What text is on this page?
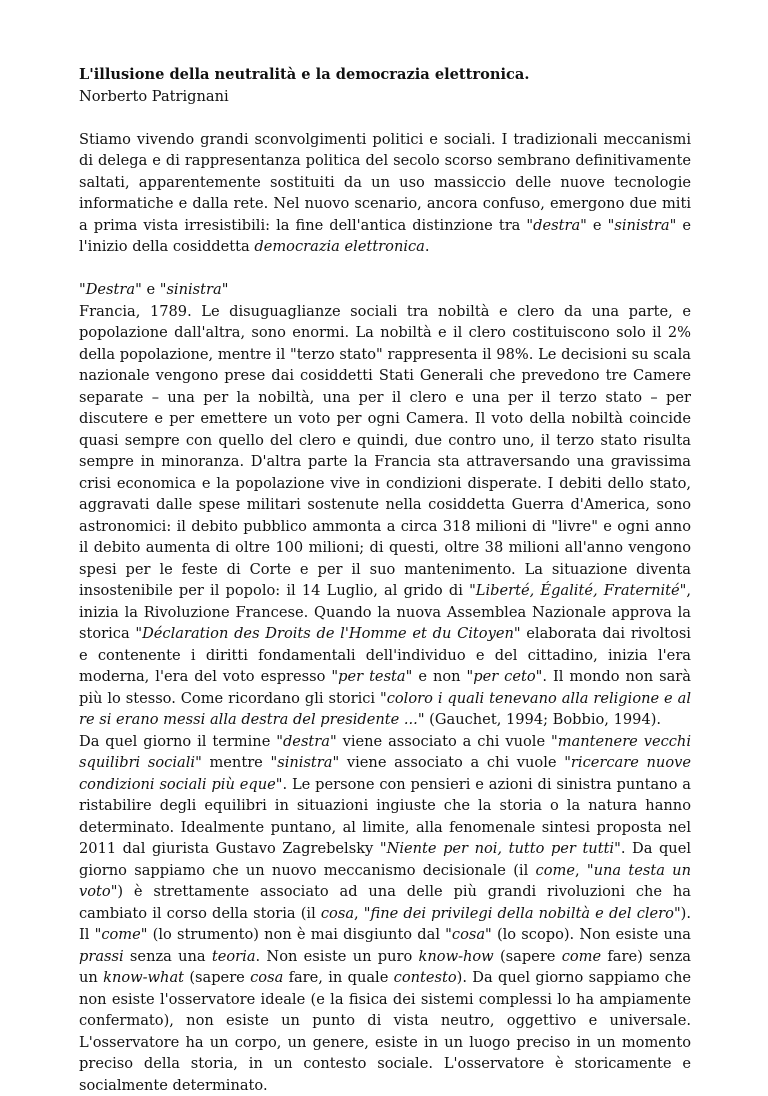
L'illusione della neutralità e la democrazia elettronica.

Norberto Patrignani

Stiamo vivendo grandi sconvolgimenti politici e sociali. I tradizionali meccanismi di delega e di rappresentanza politica del secolo scorso sembrano definitivamente saltati, apparentemente sostituiti da un uso massiccio delle nuove tecnologie informatiche e dalla rete. Nel nuovo scenario, ancora confuso, emergono due miti a prima vista irresistibili: la fine dell'antica distinzione tra "destra" e "sinistra" e l'inizio della cosiddetta democrazia elettronica.

"Destra" e "sinistra"

Francia, 1789. Le disuguaglianze sociali tra nobiltà e clero da una parte, e popolazione dall'altra, sono enormi. La nobiltà e il clero costituiscono solo il 2% della popolazione, mentre il "terzo stato" rappresenta il 98%. Le decisioni su scala nazionale vengono prese dai cosiddetti Stati Generali che prevedono tre Camere separate – una per la nobiltà, una per il clero e una per il terzo stato – per discutere e per emettere un voto per ogni Camera. Il voto della nobiltà coincide quasi sempre con quello del clero e quindi, due contro uno, il terzo stato risulta sempre in minoranza. D'altra parte la Francia sta attraversando una gravissima crisi economica e la popolazione vive in condizioni disperate. I debiti dello stato, aggravati dalle spese militari sostenute nella cosiddetta Guerra d'America, sono astronomici: il debito pubblico ammonta a circa 318 milioni di "livre" e ogni anno il debito aumenta di oltre 100 milioni; di questi, oltre 38 milioni all'anno vengono spesi per le feste di Corte e per il suo mantenimento. La situazione diventa insostenibile per il popolo: il 14 Luglio, al grido di "Liberté, Égalité, Fraternité", inizia la Rivoluzione Francese. Quando la nuova Assemblea Nazionale approva la storica "Déclaration des Droits de l'Homme et du Citoyen" elaborata dai rivoltosi e contenente i diritti fondamentali dell'individuo e del cittadino, inizia l'era moderna, l'era del voto espresso "per testa" e non "per ceto". Il mondo non sarà più lo stesso. Come ricordano gli storici "coloro i quali tenevano alla religione e al re si erano messi alla destra del presidente ..." (Gauchet, 1994; Bobbio, 1994).

Da quel giorno il termine "destra" viene associato a chi vuole "mantenere vecchi squilibri sociali" mentre "sinistra" viene associato a chi vuole "ricercare nuove condizioni sociali più eque". Le persone con pensieri e azioni di sinistra puntano a ristabilire degli equilibri in situazioni ingiuste che la storia o la natura hanno determinato. Idealmente puntano, al limite, alla fenomenale sintesi proposta nel 2011 dal giurista Gustavo Zagrebelsky "Niente per noi, tutto per tutti". Da quel giorno sappiamo che un nuovo meccanismo decisionale (il come, "una testa un voto") è strettamente associato ad una delle più grandi rivoluzioni che ha cambiato il corso della storia (il cosa, "fine dei privilegi della nobiltà e del clero"). Il "come" (lo strumento) non è mai disgiunto dal "cosa" (lo scopo). Non esiste una prassi senza una teoria. Non esiste un puro know-how (sapere come fare) senza un know-what (sapere cosa fare, in quale contesto). Da quel giorno sappiamo che non esiste l'osservatore ideale (e la fisica dei sistemi complessi lo ha ampiamente confermato), non esiste un punto di vista neutro, oggettivo e universale. L'osservatore ha un corpo, un genere, esiste in un luogo preciso in un momento preciso della storia, in un contesto sociale. L'osservatore è storicamente e socialmente determinato.
